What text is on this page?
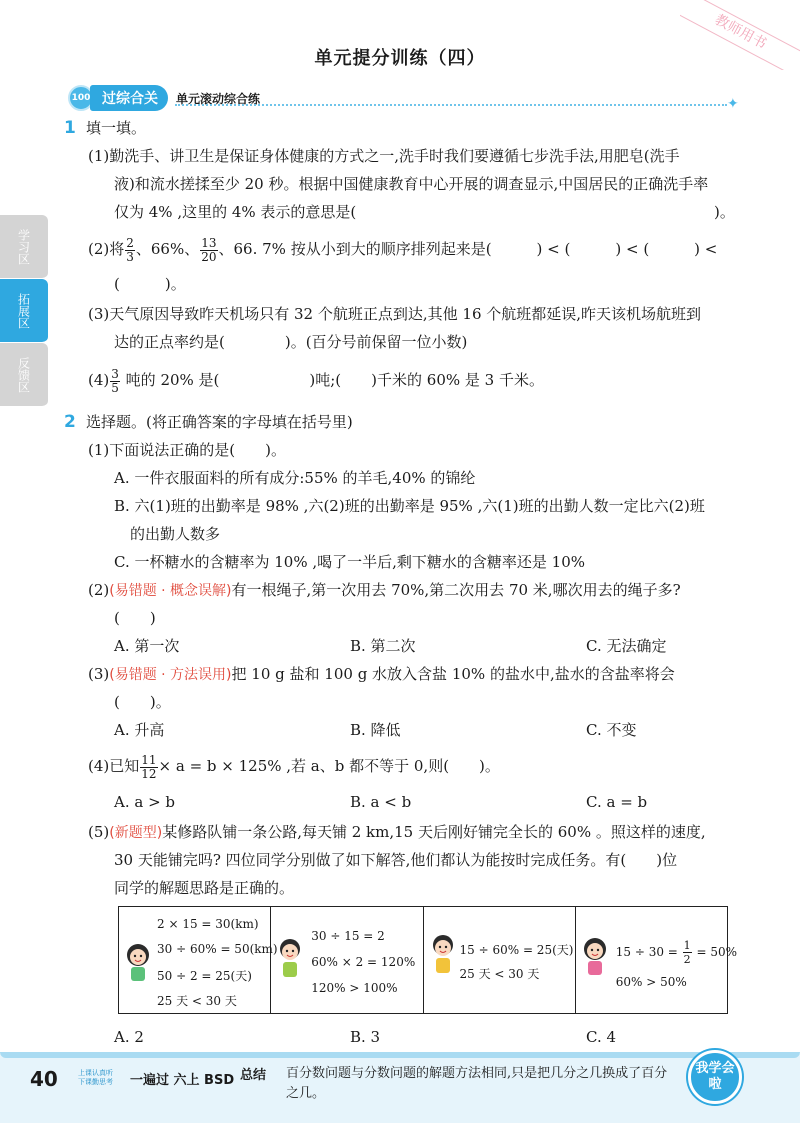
单元提分训练（四）
教师用书
100 过综合关	单元滚动综合练	✦
学习区
拓展区
反馈区
1 填一填。
(1)勤洗手、讲卫生是保证身体健康的方式之一,洗手时我们要遵循七步洗手法,用肥皂(洗手
液)和流水搓揉至少 20 秒。根据中国健康教育中心开展的调查显示,中国居民的正确洗手率
仅为 4% ,这里的 4% 表示的意思是(	)。
(2)将 $\frac{2}{3}$ 、66%、 $\frac{13}{20}$ 、66. 7% 按从小到大的顺序排列起来是(　　　) < (　　　) < (　　　) <
(　　　)。
(3)天气原因导致昨天机场只有 32 个航班正点到达,其他 16 个航班都延误,昨天该机场航班到
达的正点率约是(　　　　)。(百分号前保留一位小数)
$(4) \frac{3}{5}$ 吨的 20% 是(　　　　　　)吨;(　　)千米的 60% 是 3 千米。
2 选择题。(将正确答案的字母填在括号里)
(1)下面说法正确的是(　　)。
A. 一件衣服面料的所有成分:55% 的羊毛,40% 的锦纶
B. 六(1)班的出勤率是 98% ,六(2)班的出勤率是 95% ,六(1)班的出勤人数一定比六(2)班
的出勤人数多
C. 一杯糖水的含糖率为 10% ,喝了一半后,剩下糖水的含糖率还是 10%
(2)(易错题 · 概念误解)有一根绳子,第一次用去 70%,第二次用去 70 米,哪次用去的绳子多?
(　　)
A. 第一次	B. 第二次	C. 无法确定
(3)(易错题 · 方法误用)把 10 g 盐和 100 g 水放入含盐 10% 的盐水中,盐水的含盐率将会
(　　)。
A. 升高	B. 降低	C. 不变
(4)已知 $\frac{11}{12} \times a = b \times 125\%$ ,若 a、b 都不等于 0,则(　　)。
A. a > b	B. a < b	C. a = b
(5)(新题型)某修路队铺一条公路,每天铺 2 km,15 天后刚好铺完全长的 60% 。照这样的速度,
30 天能铺完吗? 四位同学分别做了如下解答,他们都认为能按时完成任务。有(　　)位
同学的解题思路是正确的。
2 × 15 = 30(km)
30 ÷ 60% = 50(km)
50 ÷ 2 = 25(天)
25 天 < 30 天
30 ÷ 15 = 2
60% × 2 = 120%
120% > 100%
15 ÷ 60% = 25(天)
25 天 < 30 天
$15 \div 30 = \frac{1}{2} = 50\%$
60% > 50%
A. 2	B. 3	C. 4
40	上课认真听
下课勤思考 一遍过 六上 BSD 总结 百分数问题与分数问题的解题方法相同,只是把几分之几换成了百分之几。
我学会啦
